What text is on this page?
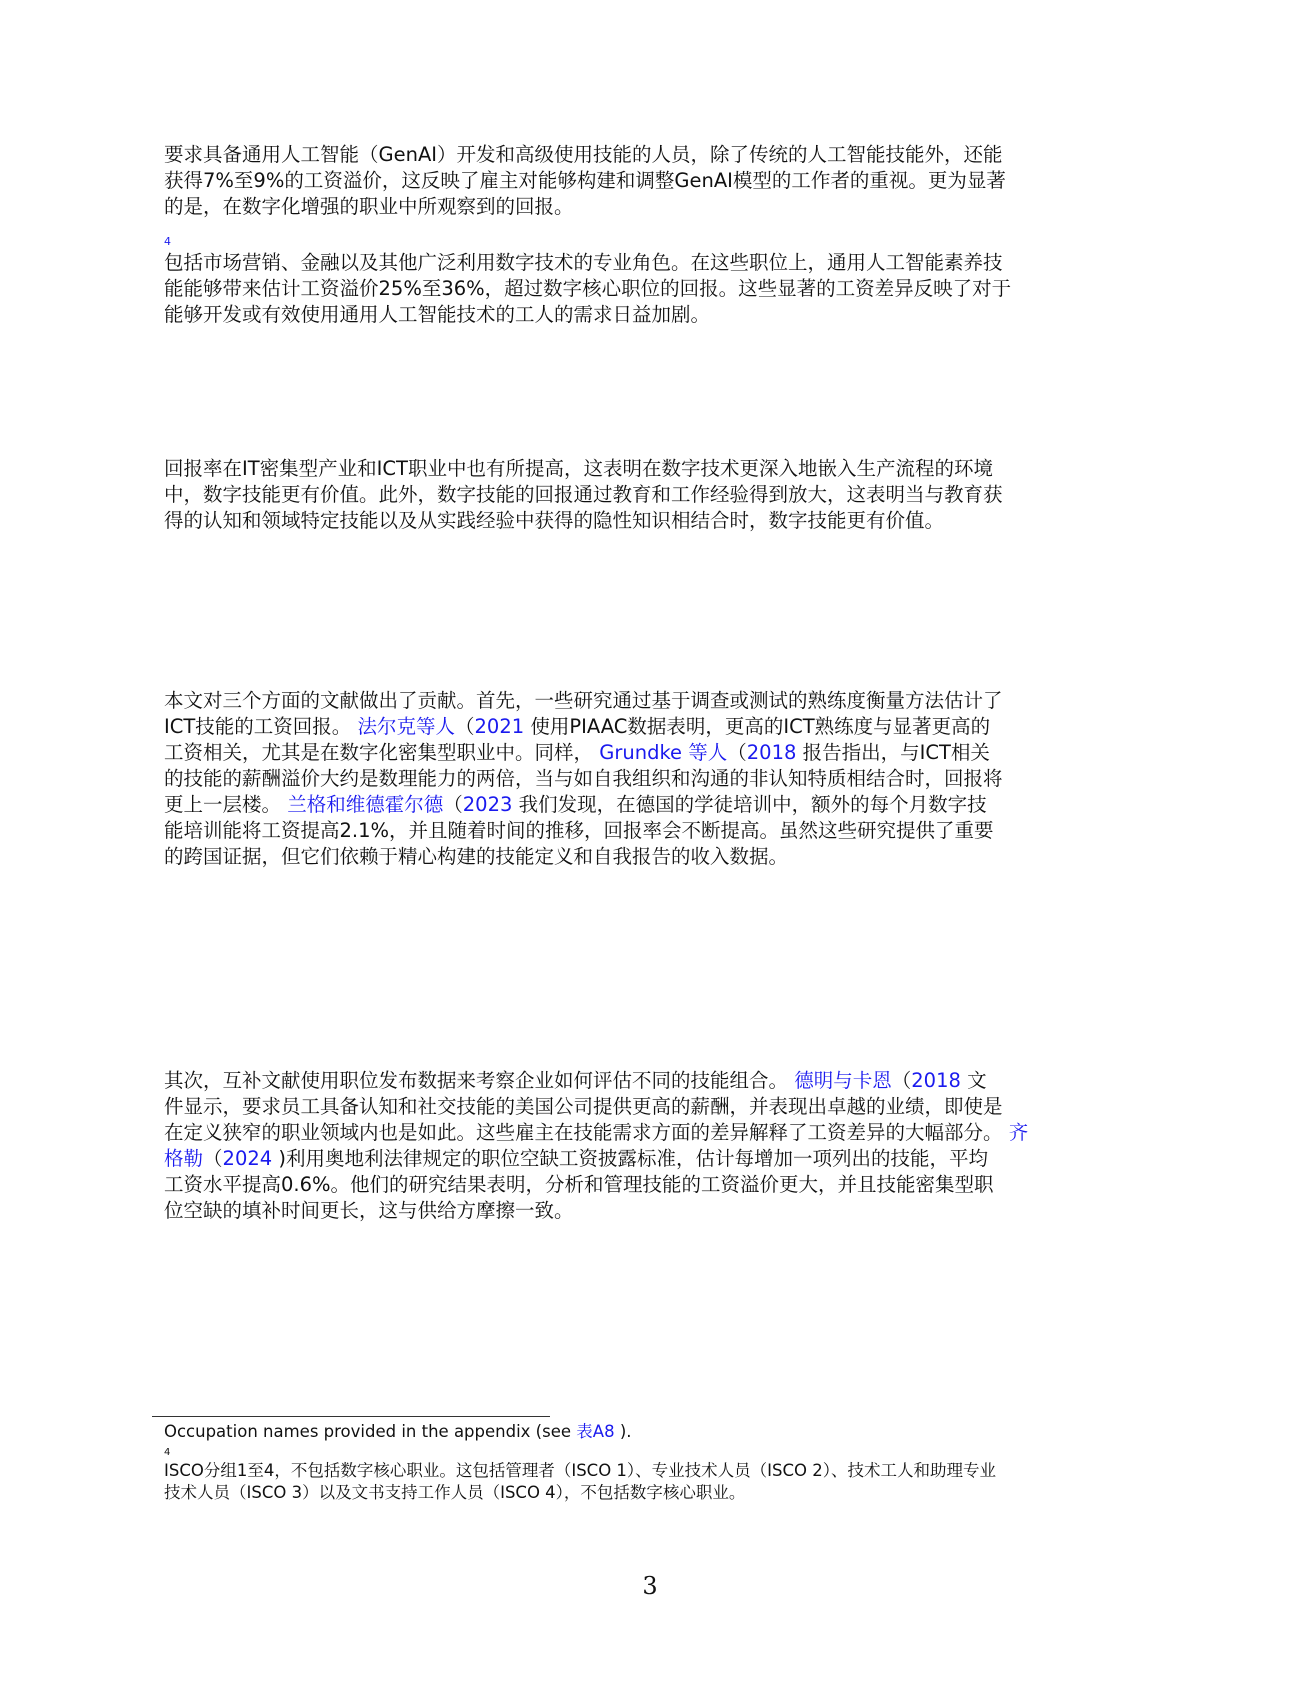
要求具备通用人工智能（GenAI）开发和高级使用技能的人员，除了传统的人工智能技能外，还能
获得7%至9%的工资溢价，这反映了雇主对能够构建和调整GenAI模型的工作者的重视。更为显著
的是，在数字化增强的职业中所观察到的回报。
4
包括市场营销、金融以及其他广泛利用数字技术的专业角色。在这些职位上，通用人工智能素养技
能能够带来估计工资溢价25%至36%，超过数字核心职位的回报。这些显著的工资差异反映了对于
能够开发或有效使用通用人工智能技术的工人的需求日益加剧。
回报率在IT密集型产业和ICT职业中也有所提高，这表明在数字技术更深入地嵌入生产流程的环境
中，数字技能更有价值。此外，数字技能的回报通过教育和工作经验得到放大，这表明当与教育获
得的认知和领域特定技能以及从实践经验中获得的隐性知识相结合时，数字技能更有价值。
本文对三个方面的文献做出了贡献。首先，一些研究通过基于调查或测试的熟练度衡量方法估计了
ICT技能的工资回报。 法尔克等人（2021 使用PIAAC数据表明，更高的ICT熟练度与显著更高的
工资相关，尤其是在数字化密集型职业中。同样， Grundke 等人（2018 报告指出，与ICT相关
的技能的薪酬溢价大约是数理能力的两倍，当与如自我组织和沟通的非认知特质相结合时，回报将
更上一层楼。 兰格和维德霍尔德（2023 我们发现，在德国的学徒培训中，额外的每个月数字技
能培训能将工资提高2.1%，并且随着时间的推移，回报率会不断提高。虽然这些研究提供了重要
的跨国证据，但它们依赖于精心构建的技能定义和自我报告的收入数据。
其次，互补文献使用职位发布数据来考察企业如何评估不同的技能组合。 德明与卡恩（2018 文
件显示，要求员工具备认知和社交技能的美国公司提供更高的薪酬，并表现出卓越的业绩，即使是
在定义狭窄的职业领域内也是如此。这些雇主在技能需求方面的差异解释了工资差异的大幅部分。 齐
格勒（2024 )利用奥地利法律规定的职位空缺工资披露标准，估计每增加一项列出的技能，平均
工资水平提高0.6%。他们的研究结果表明，分析和管理技能的工资溢价更大，并且技能密集型职
位空缺的填补时间更长，这与供给方摩擦一致。
Occupation names provided in the appendix (see 表A8 ).
4
ISCO分组1至4，不包括数字核心职业。这包括管理者（ISCO 1）、专业技术人员（ISCO 2）、技术工人和助理专业
技术人员（ISCO 3）以及文书支持工作人员（ISCO 4），不包括数字核心职业。
3
